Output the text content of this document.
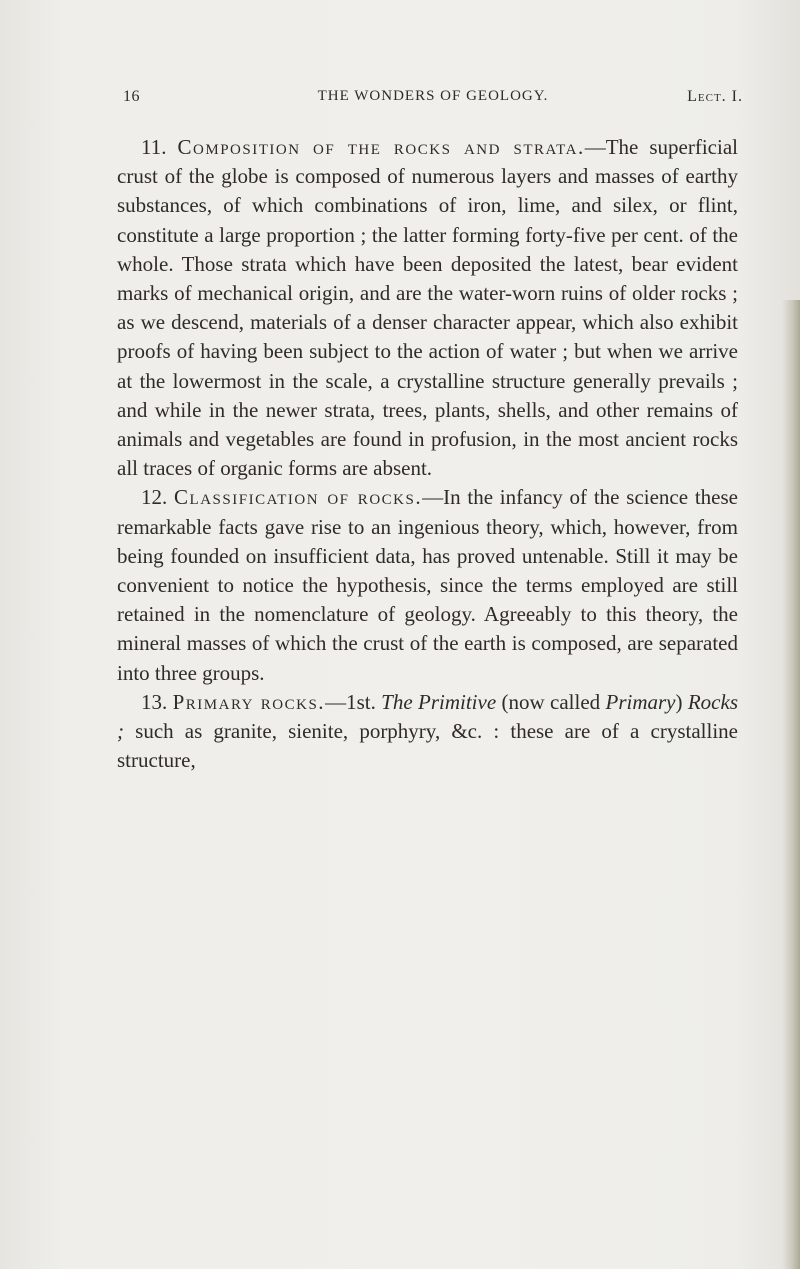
16	THE WONDERS OF GEOLOGY.	Lect. I.

11. Composition of the rocks and strata.—The superficial crust of the globe is composed of numerous layers and masses of earthy substances, of which combinations of iron, lime, and silex, or flint, constitute a large proportion ; the latter forming forty-five per cent. of the whole. Those strata which have been deposited the latest, bear evident marks of mechanical origin, and are the water-worn ruins of older rocks ; as we descend, materials of a denser character appear, which also exhibit proofs of having been subject to the action of water ; but when we arrive at the lowermost in the scale, a crystalline structure generally prevails ; and while in the newer strata, trees, plants, shells, and other remains of animals and vegetables are found in profusion, in the most ancient rocks all traces of organic forms are absent.

12. Classification of rocks.—In the infancy of the science these remarkable facts gave rise to an ingenious theory, which, however, from being founded on insufficient data, has proved untenable. Still it may be convenient to notice the hypothesis, since the terms employed are still retained in the nomenclature of geology. Agreeably to this theory, the mineral masses of which the crust of the earth is composed, are separated into three groups.

13. Primary rocks.—1st. The Primitive (now called Primary) Rocks ; such as granite, sienite, porphyry, &c. : these are of a crystalline structure,
